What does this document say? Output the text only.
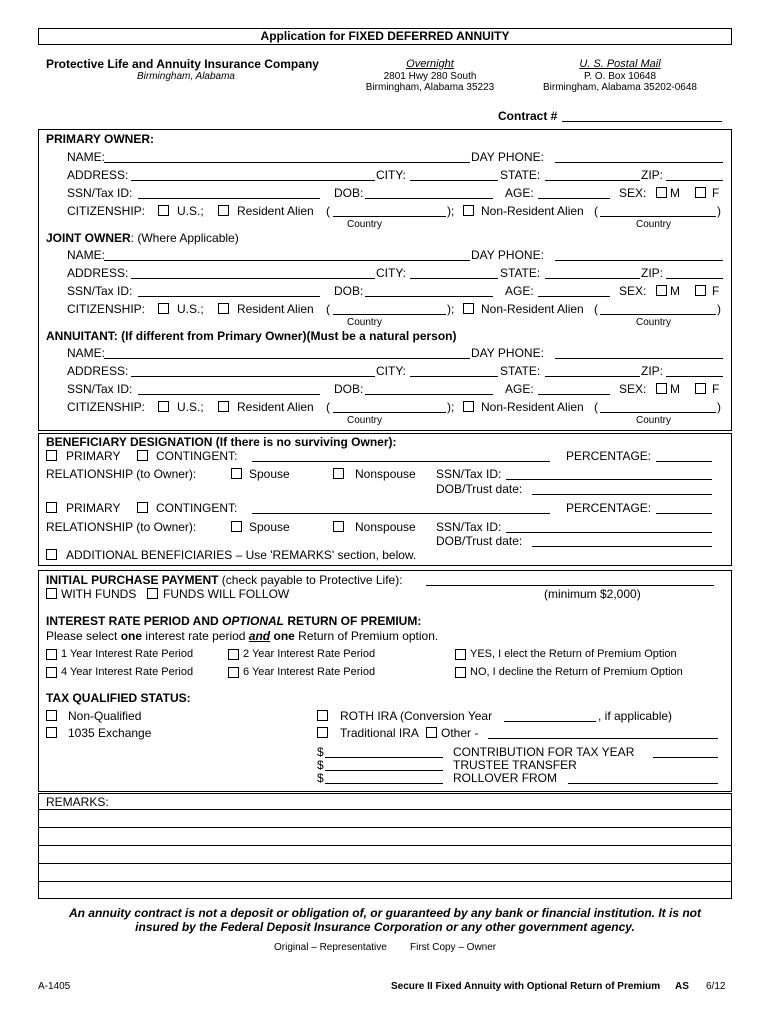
Application for FIXED DEFERRED ANNUITY
Protective Life and Annuity Insurance Company
Birmingham, Alabama
Overnight
2801 Hwy 280 South
Birmingham, Alabama 35223
U. S. Postal Mail
P. O. Box 10648
Birmingham, Alabama 35202-0648
Contract #
PRIMARY OWNER:
NAME:	DAY PHONE:
ADDRESS:	CITY:	STATE:	ZIP:
SSN/Tax ID:	DOB:	AGE:	SEX: M	F
CITIZENSHIP:	U.S.;	Resident Alien (	); Non-Resident Alien (	)
Country	Country
JOINT OWNER: (Where Applicable)
NAME:	DAY PHONE:
ADDRESS:	CITY:	STATE:	ZIP:
SSN/Tax ID:	DOB:	AGE:	SEX: M	F
CITIZENSHIP:	U.S.;	Resident Alien (	); Non-Resident Alien (	)
Country	Country
ANNUITANT: (If different from Primary Owner)(Must be a natural person)
NAME:	DAY PHONE:
ADDRESS:	CITY:	STATE:	ZIP:
SSN/Tax ID:	DOB:	AGE:	SEX: M	F
CITIZENSHIP:	U.S.;	Resident Alien (	); Non-Resident Alien (	)
Country	Country
BENEFICIARY DESIGNATION (If there is no surviving Owner):
PRIMARY	CONTINGENT:	PERCENTAGE:
RELATIONSHIP (to Owner):	Spouse	Nonspouse SSN/Tax ID:
DOB/Trust date:
PRIMARY	CONTINGENT:	PERCENTAGE:
RELATIONSHIP (to Owner):	Spouse	Nonspouse SSN/Tax ID:
DOB/Trust date:
ADDITIONAL BENEFICIARIES – Use 'REMARKS' section, below.
INITIAL PURCHASE PAYMENT (check payable to Protective Life):
WITH FUNDS FUNDS WILL FOLLOW	(minimum $2,000)
INTEREST RATE PERIOD AND OPTIONAL RETURN OF PREMIUM:
Please select one interest rate period and one Return of Premium option.
1 Year Interest Rate Period	2 Year Interest Rate Period	YES, I elect the Return of Premium Option
4 Year Interest Rate Period	6 Year Interest Rate Period	NO, I decline the Return of Premium Option
TAX QUALIFIED STATUS:
Non-Qualified
1035 Exchange
ROTH IRA (Conversion Year	, if applicable)
Traditional IRA Other -
$	CONTRIBUTION FOR TAX YEAR
$	TRUSTEE TRANSFER
$	ROLLOVER FROM
REMARKS:
An annuity contract is not a deposit or obligation of, or guaranteed by any bank or financial institution. It is not
insured by the Federal Deposit Insurance Corporation or any other government agency.
Original – Representative First Copy – Owner
A-1405	Secure II Fixed Annuity with Optional Return of Premium AS 6/12
